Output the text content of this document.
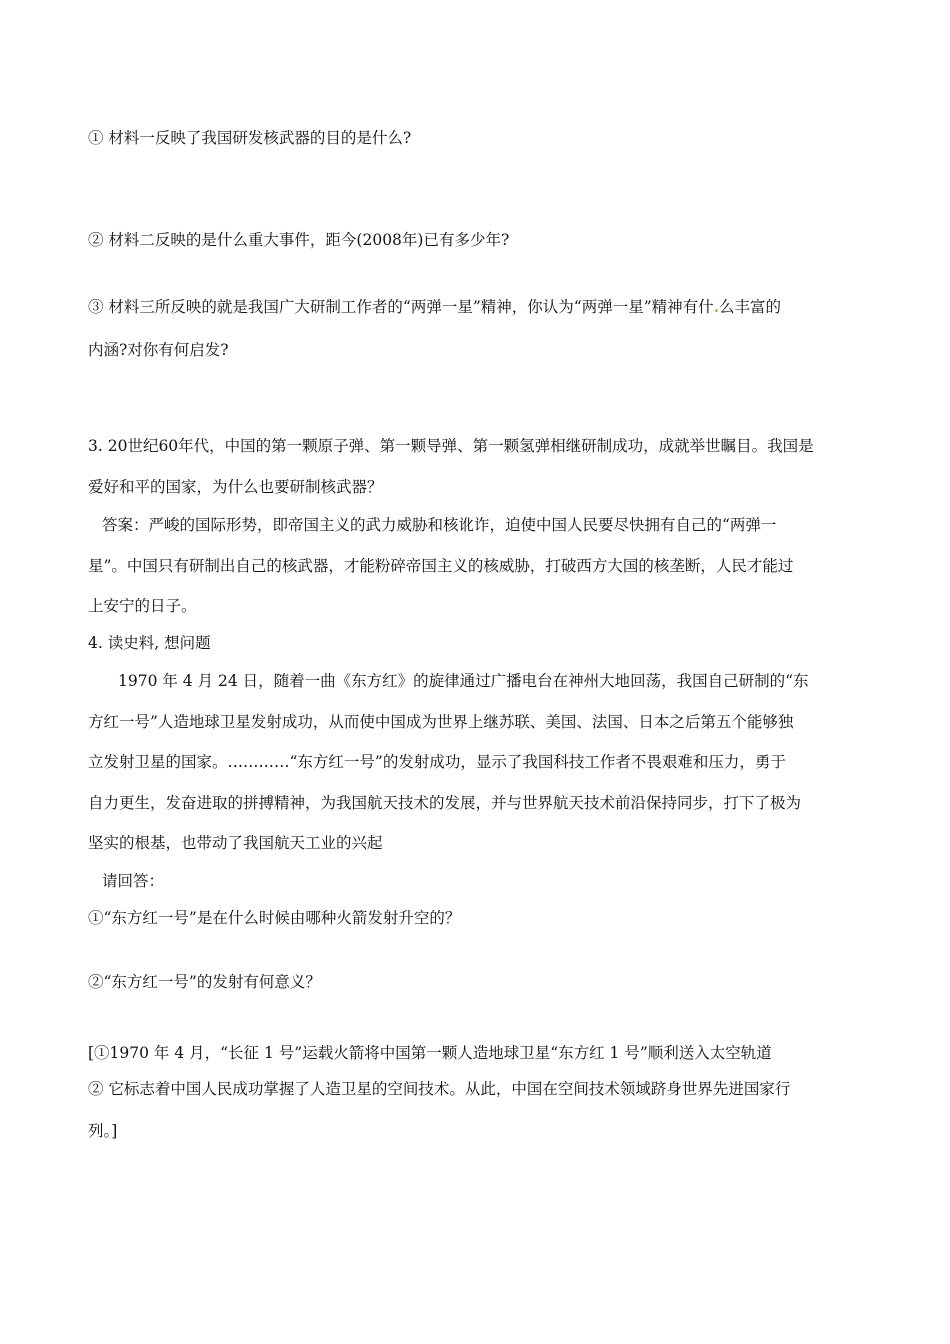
① 材料一反映了我国研发核武器的目的是什么?
② 材料二反映的是什么重大事件，距今(2008年)已有多少年?
③ 材料三所反映的就是我国广大研制工作者的“两弹一星”精神，你认为“两弹一星”精神有什.么丰富的
内涵?对你有何启发?
3. 20世纪60年代，中国的第一颗原子弹、第一颗导弹、第一颗氢弹相继研制成功，成就举世瞩目。我国是
爱好和平的国家，为什么也要研制核武器？
答案：严峻的国际形势，即帝国主义的武力威胁和核讹诈，迫使中国人民要尽快拥有自己的“两弹一
星”。中国只有研制出自己的核武器，才能粉碎帝国主义的核威胁，打破西方大国的核垄断，人民才能过
上安宁的日子。
4. 读史料, 想问题
1970 年 4 月 24 日，随着一曲《东方红》的旋律通过广播电台在神州大地回荡，我国自己研制的“东
方红一号”人造地球卫星发射成功，从而使中国成为世界上继苏联、美国、法国、日本之后第五个能够独
立发射卫星的国家。…………“东方红一号”的发射成功，显示了我国科技工作者不畏艰难和压力，勇于
自力更生，发奋进取的拼搏精神，为我国航天技术的发展，并与世界航天技术前沿保持同步，打下了极为
坚实的根基，也带动了我国航天工业的兴起
请回答：
①“东方红一号”是在什么时候由哪种火箭发射升空的？
②“东方红一号”的发射有何意义？
[①1970 年 4 月，“长征 1 号”运载火箭将中国第一颗人造地球卫星“东方红 1 号”顺利送入太空轨道
② 它标志着中国人民成功掌握了人造卫星的空间技术。从此，中国在空间技术领域跻身世界先进国家行
列。]
